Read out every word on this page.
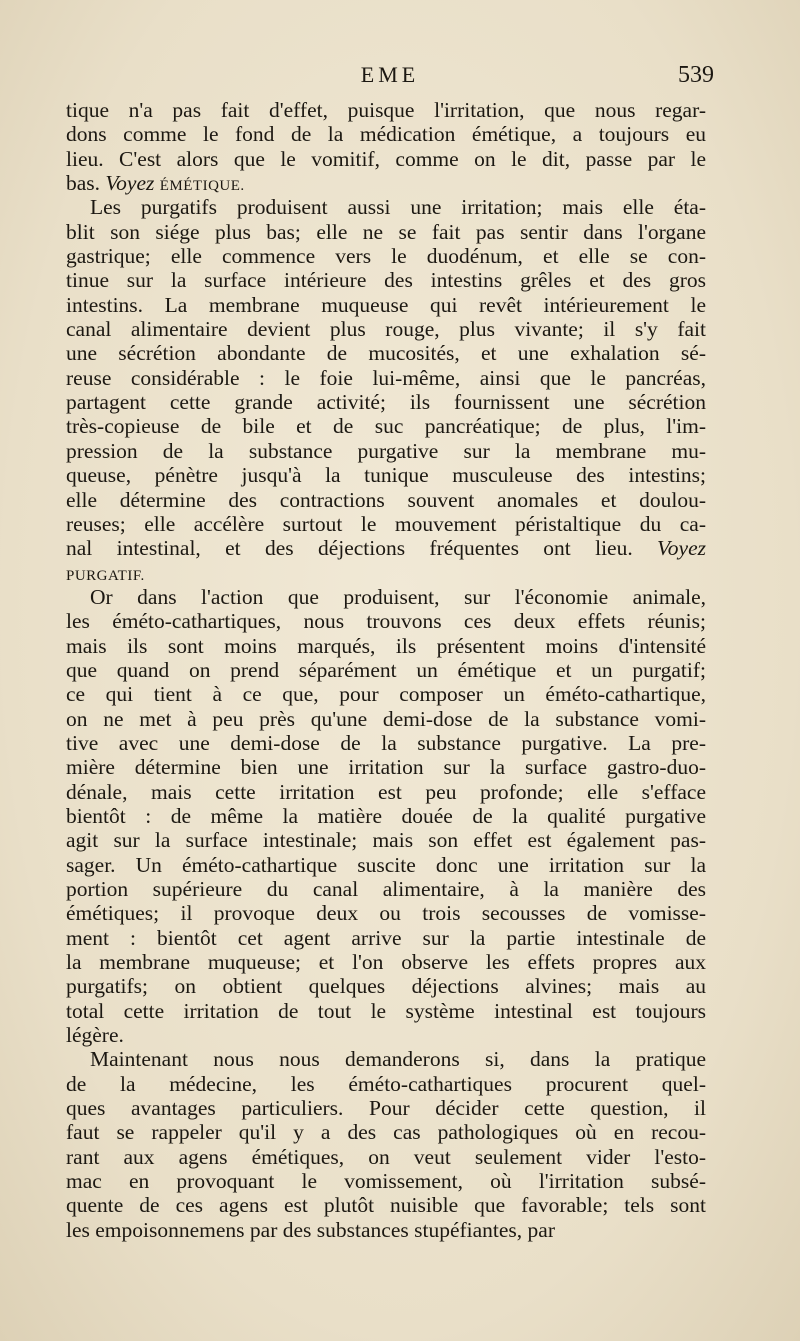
EME	539
tique n'a pas fait d'effet, puisque l'irritation, que nous regar-
dons comme le fond de la médication émétique, a toujours eu
lieu. C'est alors que le vomitif, comme on le dit, passe par le
bas. Voyez ÉMÉTIQUE.
Les purgatifs produisent aussi une irritation; mais elle éta-
blit son siége plus bas; elle ne se fait pas sentir dans l'organe
gastrique; elle commence vers le duodénum, et elle se con-
tinue sur la surface intérieure des intestins grêles et des gros
intestins. La membrane muqueuse qui revêt intérieurement le
canal alimentaire devient plus rouge, plus vivante; il s'y fait
une sécrétion abondante de mucosités, et une exhalation sé-
reuse considérable : le foie lui-même, ainsi que le pancréas,
partagent cette grande activité; ils fournissent une sécrétion
très-copieuse de bile et de suc pancréatique; de plus, l'im-
pression de la substance purgative sur la membrane mu-
queuse, pénètre jusqu'à la tunique musculeuse des intestins;
elle détermine des contractions souvent anomales et doulou-
reuses; elle accélère surtout le mouvement péristaltique du ca-
nal intestinal, et des déjections fréquentes ont lieu. Voyez
PURGATIF.
Or dans l'action que produisent, sur l'économie animale,
les éméto-cathartiques, nous trouvons ces deux effets réunis;
mais ils sont moins marqués, ils présentent moins d'intensité
que quand on prend séparément un émétique et un purgatif;
ce qui tient à ce que, pour composer un éméto-cathartique,
on ne met à peu près qu'une demi-dose de la substance vomi-
tive avec une demi-dose de la substance purgative. La pre-
mière détermine bien une irritation sur la surface gastro-duo-
dénale, mais cette irritation est peu profonde; elle s'efface
bientôt : de même la matière douée de la qualité purgative
agit sur la surface intestinale; mais son effet est également pas-
sager. Un éméto-cathartique suscite donc une irritation sur la
portion supérieure du canal alimentaire, à la manière des
émétiques; il provoque deux ou trois secousses de vomisse-
ment : bientôt cet agent arrive sur la partie intestinale de
la membrane muqueuse; et l'on observe les effets propres aux
purgatifs; on obtient quelques déjections alvines; mais au
total cette irritation de tout le système intestinal est toujours
légère.
Maintenant nous nous demanderons si, dans la pratique
de la médecine, les éméto-cathartiques procurent quel-
ques avantages particuliers. Pour décider cette question, il
faut se rappeler qu'il y a des cas pathologiques où en recou-
rant aux agens émétiques, on veut seulement vider l'esto-
mac en provoquant le vomissement, où l'irritation subsé-
quente de ces agens est plutôt nuisible que favorable; tels sont
les empoisonnemens par des substances stupéfiantes, par
